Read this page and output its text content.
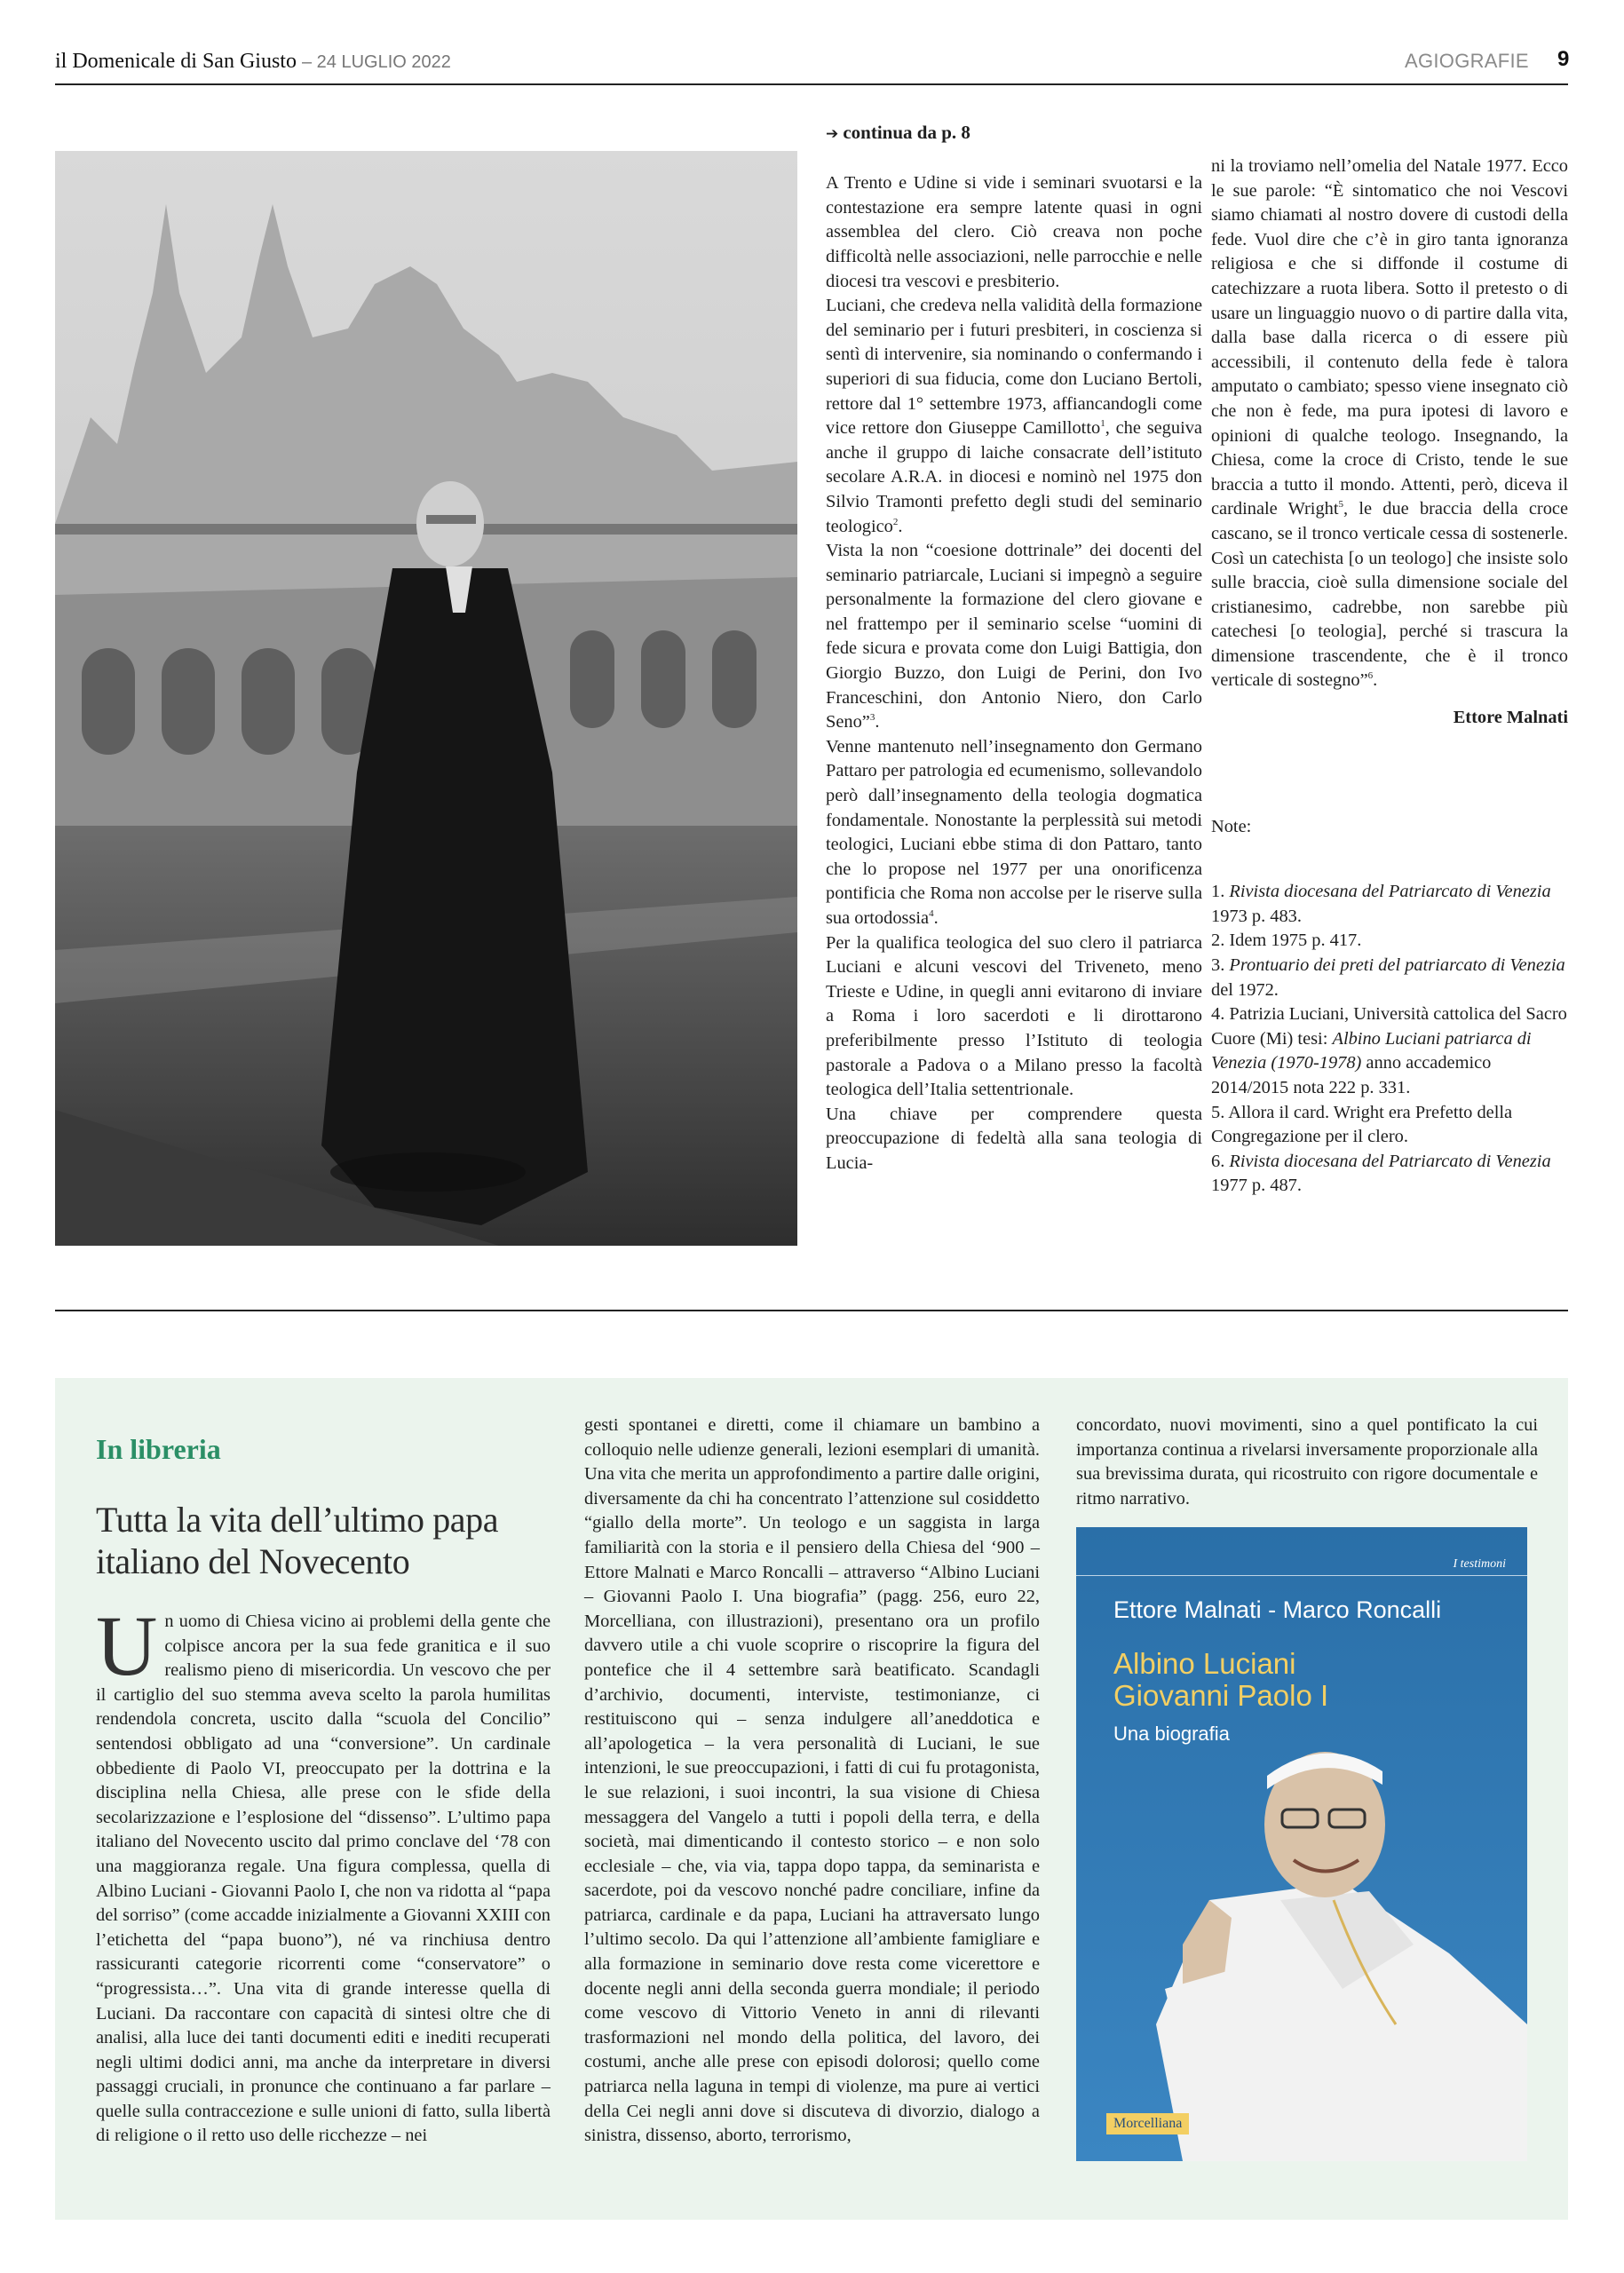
il Domenicale di San Giusto – 24 LUGLIO 2022	AGIOGRAFIE 9

➔ continua da p. 8

A Trento e Udine si vide i seminari svuotarsi e la contestazione era sempre latente quasi in ogni assemblea del clero. Ciò creava non poche difficoltà nelle associazioni, nelle parrocchie e nelle diocesi tra vescovi e presbiterio.

Luciani, che credeva nella validità della formazione del seminario per i futuri presbiteri, in coscienza si sentì di intervenire, sia nominando o confermando i superiori di sua fiducia, come don Luciano Bertoli, rettore dal 1° settembre 1973, affiancandogli come vice rettore don Giuseppe Camillotto$^1$, che seguiva anche il gruppo di laiche consacrate dell’istituto secolare A.R.A. in diocesi e nominò nel 1975 don Silvio Tramonti prefetto degli studi del seminario teologico$^2$.

Vista la non “coesione dottrinale” dei docenti del seminario patriarcale, Luciani si impegnò a seguire personalmente la formazione del clero giovane e nel frattempo per il seminario scelse “uomini di fede sicura e provata come don Luigi Battigia, don Giorgio Buzzo, don Luigi de Perini, don Ivo Franceschini, don Antonio Niero, don Carlo Seno”$^3$.

Venne mantenuto nell’insegnamento don Germano Pattaro per patrologia ed ecumenismo, sollevandolo però dall’insegnamento della teologia dogmatica fondamentale. Nonostante la perplessità sui metodi teologici, Luciani ebbe stima di don Pattaro, tanto che lo propose nel 1977 per una onorificenza pontificia che Roma non accolse per le riserve sulla sua ortodossia$^4$.

Per la qualifica teologica del suo clero il patriarca Luciani e alcuni vescovi del Triveneto, meno Trieste e Udine, in quegli anni evitarono di inviare a Roma i loro sacerdoti e li dirottarono preferibilmente presso l’Istituto di teologia pastorale a Padova o a Milano presso la facoltà teologica dell’Italia settentrionale.

Una chiave per comprendere questa preoccupazione di fedeltà alla sana teologia di Lucia-

ni la troviamo nell’omelia del Natale 1977. Ecco le sue parole: “È sintomatico che noi Vescovi siamo chiamati al nostro dovere di custodi della fede. Vuol dire che c’è in giro tanta ignoranza religiosa e che si diffonde il costume di catechizzare a ruota libera. Sotto il pretesto o di usare un linguaggio nuovo o di partire dalla vita, dalla base dalla ricerca o di essere più accessibili, il contenuto della fede è talora amputato o cambiato; spesso viene insegnato ciò che non è fede, ma pura ipotesi di lavoro e opinioni di qualche teologo. Insegnando, la Chiesa, come la croce di Cristo, tende le sue braccia a tutto il mondo. Attenti, però, diceva il cardinale Wright$^5$, le due braccia della croce cascano, se il tronco verticale cessa di sostenerle. Così un catechista [o un teologo] che insiste solo sulle braccia, cioè sulla dimensione sociale del cristianesimo, cadrebbe, non sarebbe più catechesi [o teologia], perché si trascura la dimensione trascendente, che è il tronco verticale di sostegno”$^6$.

Ettore Malnati

Note:

1. Rivista diocesana del Patriarcato di Venezia 1973 p. 483.

2. Idem 1975 p. 417.

3. Prontuario dei preti del patriarcato di Venezia del 1972.

4. Patrizia Luciani, Università cattolica del Sacro Cuore (Mi) tesi: Albino Luciani patriarca di Venezia (1970-1978) anno accademico 2014/2015 nota 222 p. 331.

5. Allora il card. Wright era Prefetto della Congregazione per il clero.

6. Rivista diocesana del Patriarcato di Venezia 1977 p. 487.

In libreria
Tutta la vita dell’ultimo papa italiano del Novecento

Un uomo di Chiesa vicino ai problemi della gente che colpisce ancora per la sua fede granitica e il suo realismo pieno di misericordia. Un vescovo che per il cartiglio del suo stemma aveva scelto la parola humilitas rendendola concreta, uscito dalla “scuola del Concilio” sentendosi obbligato ad una “conversione”. Un cardinale obbediente di Paolo VI, preoccupato per la dottrina e la disciplina nella Chiesa, alle prese con le sfide della secolarizzazione e l’esplosione del “dissenso”. L’ultimo papa italiano del Novecento uscito dal primo conclave del ‘78 con una maggioranza regale. Una figura complessa, quella di Albino Luciani - Giovanni Paolo I, che non va ridotta al “papa del sorriso” (come accadde inizialmente a Giovanni XXIII con l’etichetta del “papa buono”), né va rinchiusa dentro rassicuranti categorie ricorrenti come “conservatore” o “progressista…”. Una vita di grande interesse quella di Luciani. Da raccontare con capacità di sintesi oltre che di analisi, alla luce dei tanti documenti editi e inediti recuperati negli ultimi dodici anni, ma anche da interpretare in diversi passaggi cruciali, in pronunce che continuano a far parlare – quelle sulla contraccezione e sulle unioni di fatto, sulla libertà di religione o il retto uso delle ricchezze – nei

gesti spontanei e diretti, come il chiamare un bambino a colloquio nelle udienze generali, lezioni esemplari di umanità. Una vita che merita un approfondimento a partire dalle origini, diversamente da chi ha concentrato l’attenzione sul cosiddetto “giallo della morte”. Un teologo e un saggista in larga familiarità con la storia e il pensiero della Chiesa del ‘900 – Ettore Malnati e Marco Roncalli – attraverso “Albino Luciani – Giovanni Paolo I. Una biografia” (pagg. 256, euro 22, Morcelliana, con illustrazioni), presentano ora un profilo davvero utile a chi vuole scoprire o riscoprire la figura del pontefice che il 4 settembre sarà beatificato. Scandagli d’archivio, documenti, interviste, testimonianze, ci restituiscono qui – senza indulgere all’aneddotica e all’apologetica – la vera personalità di Luciani, le sue intenzioni, le sue preoccupazioni, i fatti di cui fu protagonista, le sue relazioni, i suoi incontri, la sua visione di Chiesa messaggera del Vangelo a tutti i popoli della terra, e della società, mai dimenticando il contesto storico – e non solo ecclesiale – che, via via, tappa dopo tappa, da seminarista e sacerdote, poi da vescovo nonché padre conciliare, infine da patriarca, cardinale e da papa, Luciani ha attraversato lungo l’ultimo secolo. Da qui l’attenzione all’ambiente famigliare e alla formazione in seminario dove resta come vicerettore e docente negli anni della seconda guerra mondiale; il periodo come vescovo di Vittorio Veneto in anni di rilevanti trasformazioni nel mondo della politica, del lavoro, dei costumi, anche alle prese con episodi dolorosi; quello come patriarca nella laguna in tempi di violenze, ma pure ai vertici della Cei negli anni dove si discuteva di divorzio, dialogo a sinistra, dissenso, aborto, terrorismo,

concordato, nuovi movimenti, sino a quel pontificato la cui importanza continua a rivelarsi inversamente proporzionale alla sua brevissima durata, qui ricostruito con rigore documentale e ritmo narrativo.

I testimoni
Ettore Malnati - Marco Roncalli
Albino Luciani
Giovanni Paolo I
Una biografia
Morcelliana
